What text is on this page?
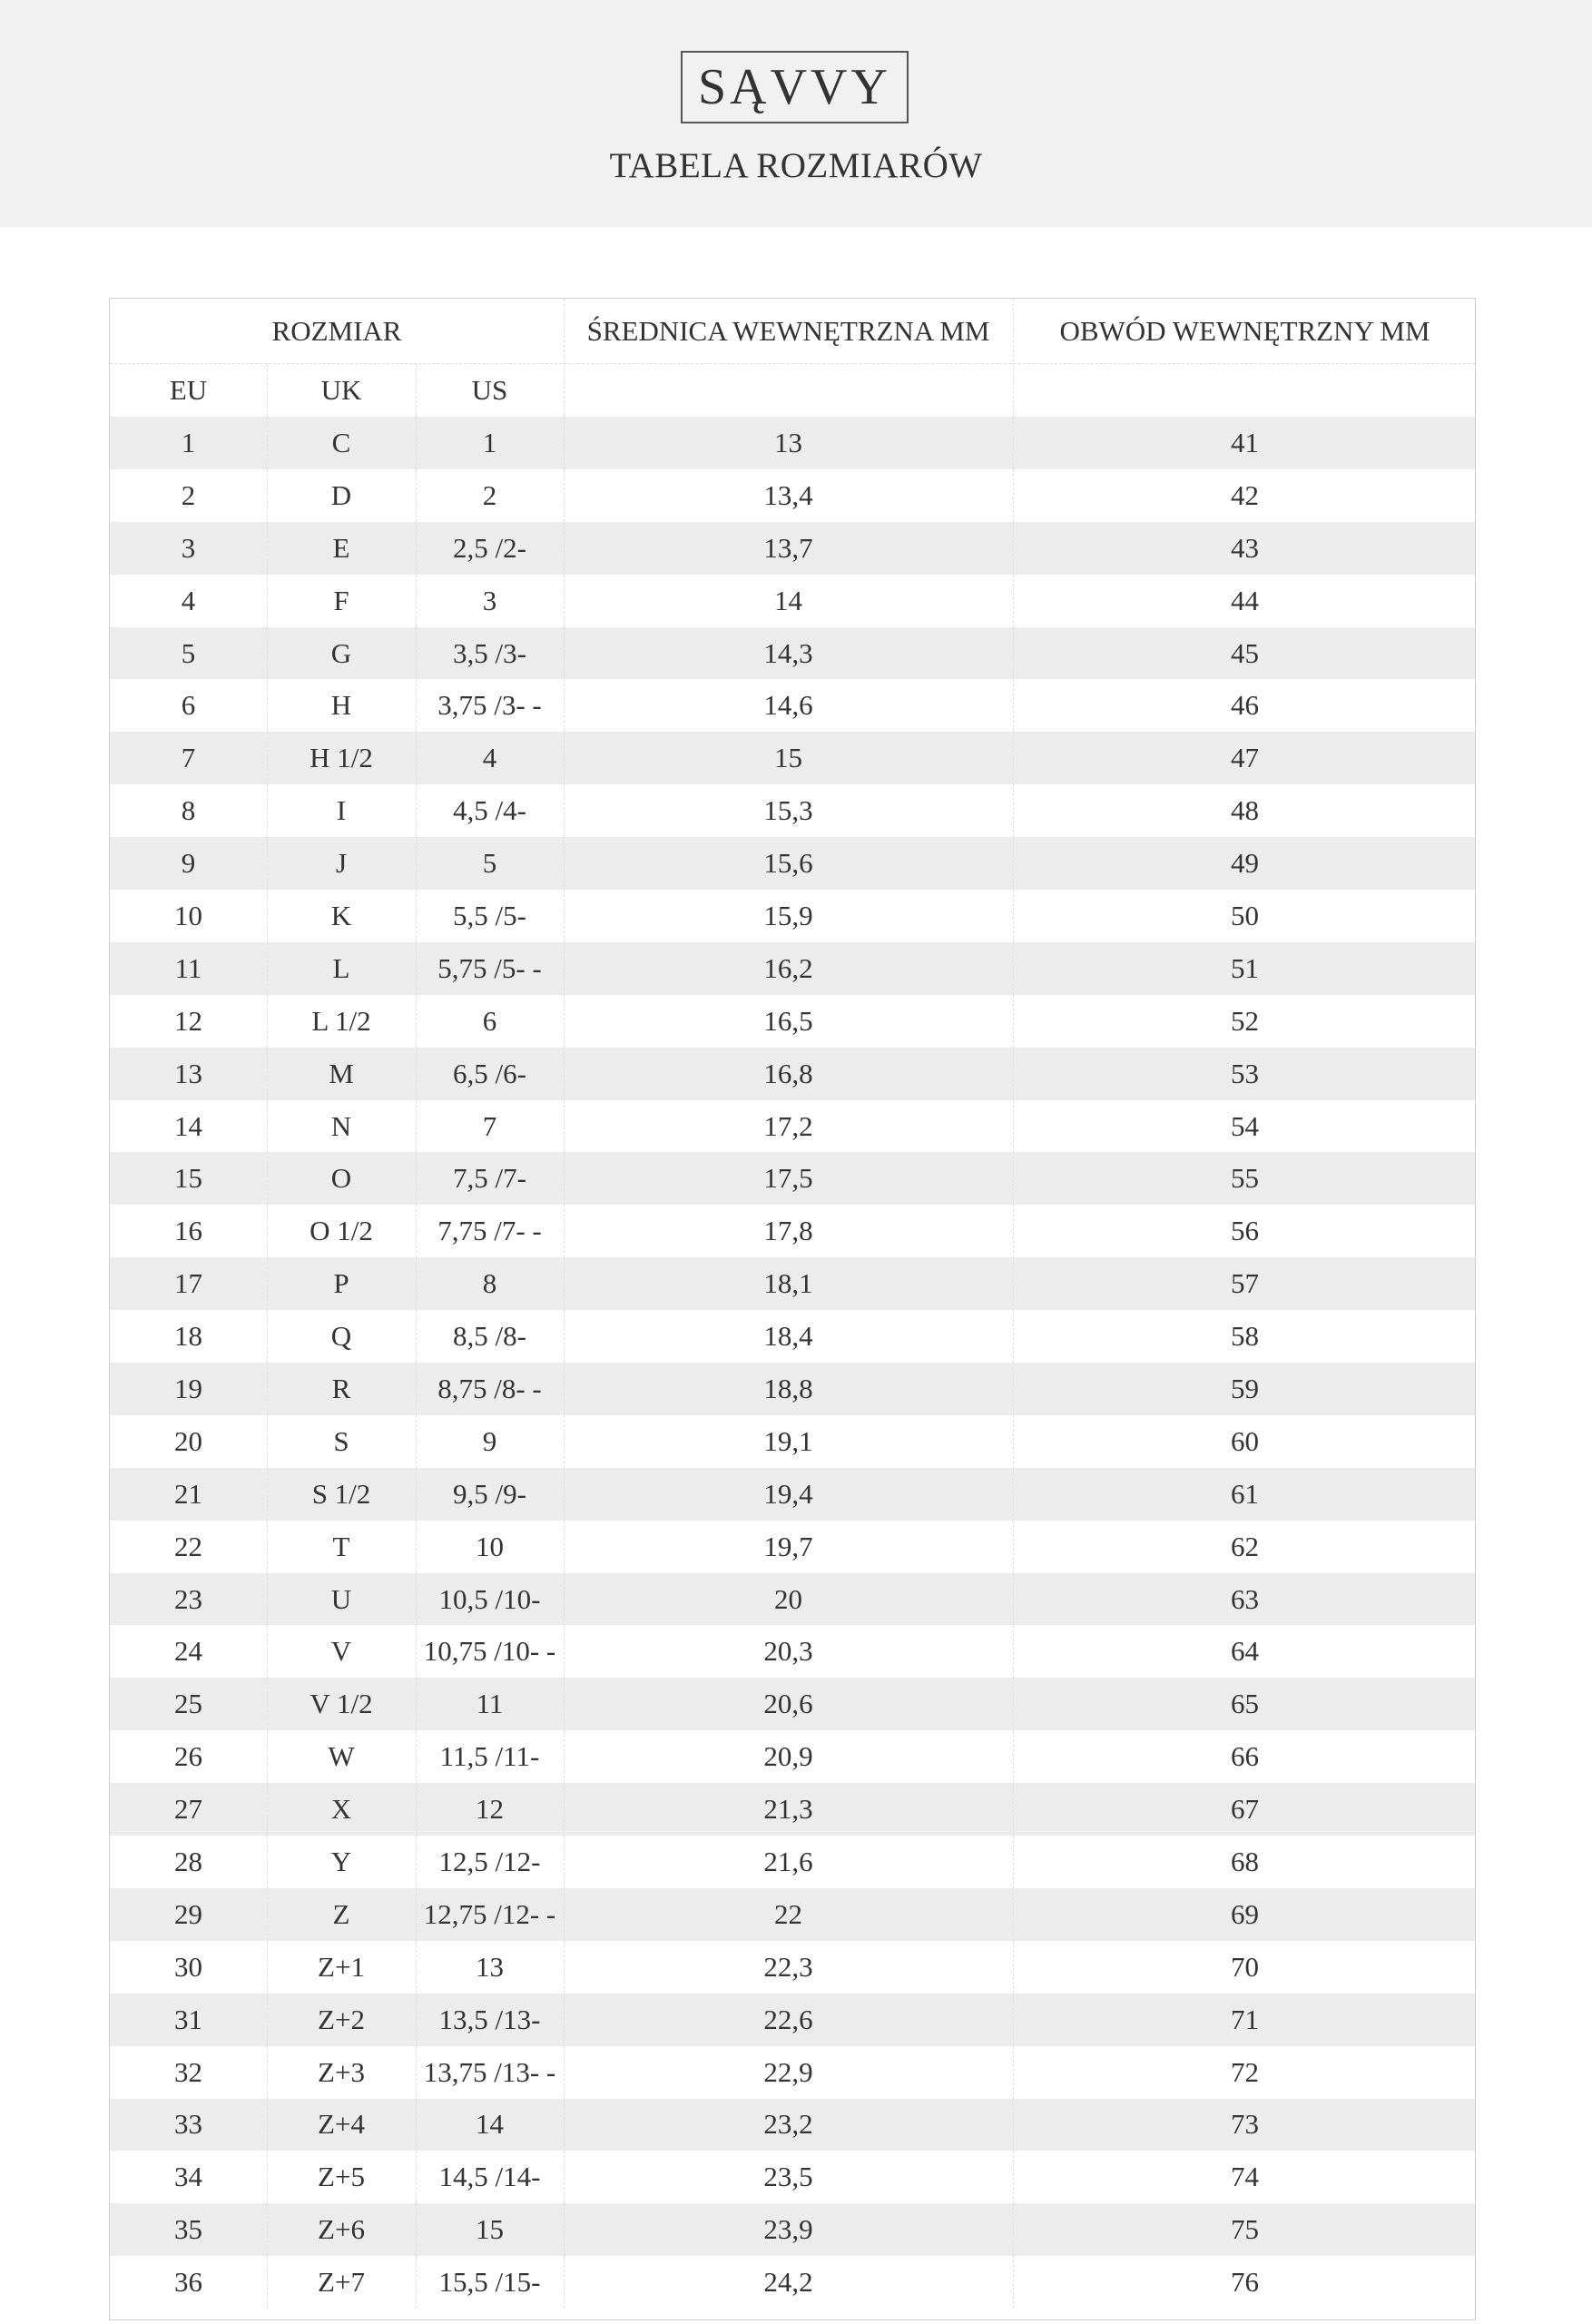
SĄVVY
TABELA ROZMIARÓW
ROZMIAR	ŚREDNICA WEWNĘTRZNA MM	OBWÓD WEWNĘTRZNY MM
EU	UK	US
1	C	1	13	41
2	D	2	13,4	42
3	E	2,5 /2-	13,7	43
4	F	3	14	44
5	G	3,5 /3-	14,3	45
6	H	3,75 /3- -	14,6	46
7	H 1/2	4	15	47
8	I	4,5 /4-	15,3	48
9	J	5	15,6	49
10	K	5,5 /5-	15,9	50
11	L	5,75 /5- -	16,2	51
12	L 1/2	6	16,5	52
13	M	6,5 /6-	16,8	53
14	N	7	17,2	54
15	O	7,5 /7-	17,5	55
16	O 1/2	7,75 /7- -	17,8	56
17	P	8	18,1	57
18	Q	8,5 /8-	18,4	58
19	R	8,75 /8- -	18,8	59
20	S	9	19,1	60
21	S 1/2	9,5 /9-	19,4	61
22	T	10	19,7	62
23	U	10,5 /10-	20	63
24	V	10,75 /10- -	20,3	64
25	V 1/2	11	20,6	65
26	W	11,5 /11-	20,9	66
27	X	12	21,3	67
28	Y	12,5 /12-	21,6	68
29	Z	12,75 /12- -	22	69
30	Z+1	13	22,3	70
31	Z+2	13,5 /13-	22,6	71
32	Z+3	13,75 /13- -	22,9	72
33	Z+4	14	23,2	73
34	Z+5	14,5 /14-	23,5	74
35	Z+6	15	23,9	75
36	Z+7	15,5 /15-	24,2	76
